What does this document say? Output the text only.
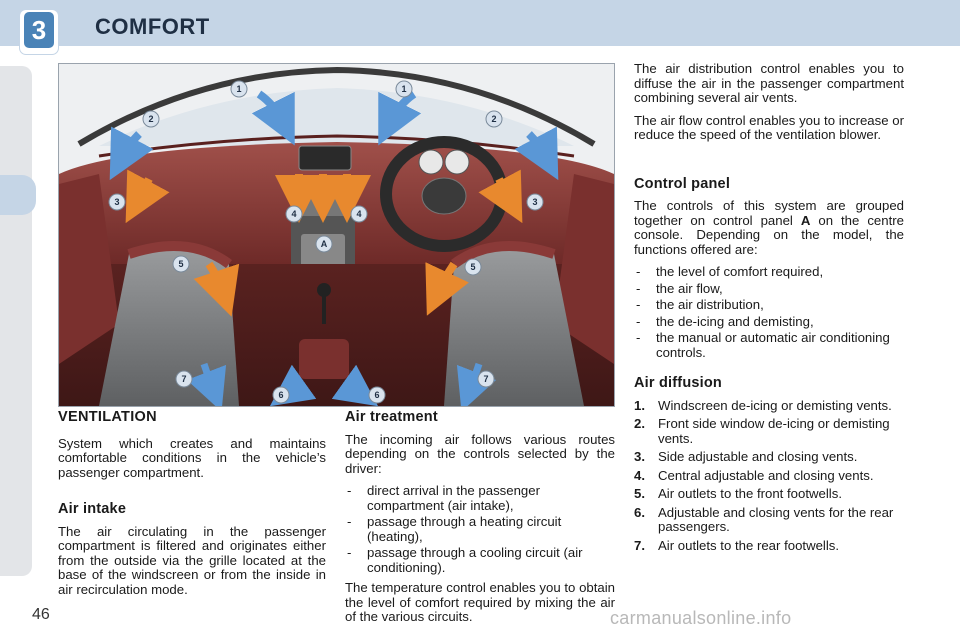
3	COMFORT
1	1
2	2
3	3
4	4
A
5	5
6	6
7	7
VENTILATION

System which creates and maintains comfortable conditions in the vehicle’s passenger compartment.

Air intake

The air circulating in the passenger compartment is filtered and originates either from the outside via the grille located at the base of the windscreen or from the inside in air recirculation mode.

Air treatment

The incoming air follows various routes depending on the controls selected by the driver:

- direct arrival in the passenger compartment (air intake),
- passage through a heating circuit (heating),
- passage through a cooling circuit (air conditioning).

The temperature control enables you to obtain the level of comfort required by mixing the air of the various circuits.

The air distribution control enables you to diffuse the air in the passenger compartment combining several air vents.

The air flow control enables you to increase or reduce the speed of the ventilation blower.

Control panel

The controls of this system are grouped together on control panel A on the centre console. Depending on the model, the functions offered are:

- the level of comfort required,
- the air flow,
- the air distribution,
- the de-icing and demisting,
- the manual or automatic air conditioning controls.
Air diffusion
1. Windscreen de-icing or demisting vents.
2. Front side window de-icing or demisting vents.
3. Side adjustable and closing vents.
4. Central adjustable and closing vents.
5. Air outlets to the front footwells.
6. Adjustable and closing vents for the rear passengers.
7. Air outlets to the rear footwells.
46	carmanualsonline.info
